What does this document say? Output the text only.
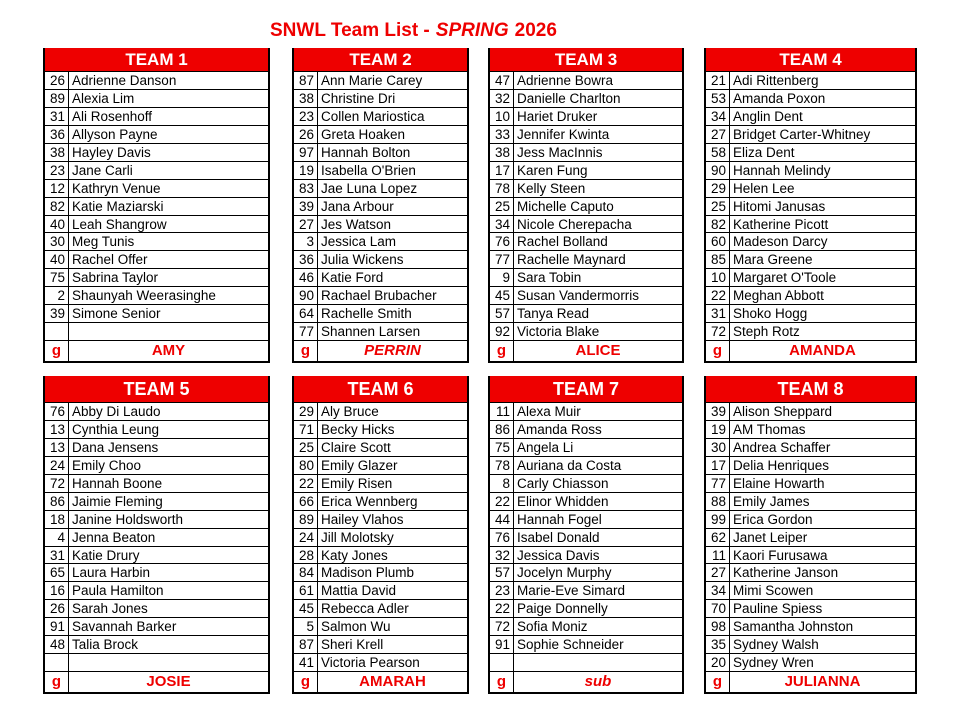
SNWL Team List - SPRING 2026
TEAM 1
26 Adrienne Danson
89 Alexia Lim
31 Ali Rosenhoff
36 Allyson Payne
38 Hayley Davis
23 Jane Carli
12 Kathryn Venue
82 Katie Maziarski
40 Leah Shangrow
30 Meg Tunis
40 Rachel Offer
75 Sabrina Taylor
2 Shaunyah Weerasinghe
39 Simone Senior
g	AMY
TEAM 2
87 Ann Marie Carey
38 Christine Dri
23 Collen Mariostica
26 Greta Hoaken
97 Hannah Bolton
19 Isabella O'Brien
83 Jae Luna Lopez
39 Jana Arbour
27 Jes Watson
3 Jessica Lam
36 Julia Wickens
46 Katie Ford
90 Rachael Brubacher
64 Rachelle Smith
77 Shannen Larsen
g	PERRIN
TEAM 3
47 Adrienne Bowra
32 Danielle Charlton
10 Hariet Druker
33 Jennifer Kwinta
38 Jess MacInnis
17 Karen Fung
78 Kelly Steen
25 Michelle Caputo
34 Nicole Cherepacha
76 Rachel Bolland
77 Rachelle Maynard
9 Sara Tobin
45 Susan Vandermorris
57 Tanya Read
92 Victoria Blake
g	ALICE
TEAM 4
21 Adi Rittenberg
53 Amanda Poxon
34 Anglin Dent
27 Bridget Carter-Whitney
58 Eliza Dent
90 Hannah Melindy
29 Helen Lee
25 Hitomi Janusas
82 Katherine Picott
60 Madeson Darcy
85 Mara Greene
10 Margaret O'Toole
22 Meghan Abbott
31 Shoko Hogg
72 Steph Rotz
g	AMANDA
TEAM 5
76 Abby Di Laudo
13 Cynthia Leung
13 Dana Jensens
24 Emily Choo
72 Hannah Boone
86 Jaimie Fleming
18 Janine Holdsworth
4 Jenna Beaton
31 Katie Drury
65 Laura Harbin
16 Paula Hamilton
26 Sarah Jones
91 Savannah Barker
48 Talia Brock
g	JOSIE
TEAM 6
29 Aly Bruce
71 Becky Hicks
25 Claire Scott
80 Emily Glazer
22 Emily Risen
66 Erica Wennberg
89 Hailey Vlahos
24 Jill Molotsky
28 Katy Jones
84 Madison Plumb
61 Mattia David
45 Rebecca Adler
5 Salmon Wu
87 Sheri Krell
41 Victoria Pearson
g	AMARAH
TEAM 7
11 Alexa Muir
86 Amanda Ross
75 Angela Li
78 Auriana da Costa
8 Carly Chiasson
22 Elinor Whidden
44 Hannah Fogel
76 Isabel Donald
32 Jessica Davis
57 Jocelyn Murphy
23 Marie-Eve Simard
22 Paige Donnelly
72 Sofia Moniz
91 Sophie Schneider
g	sub
TEAM 8
39 Alison Sheppard
19 AM Thomas
30 Andrea Schaffer
17 Delia Henriques
77 Elaine Howarth
88 Emily James
99 Erica Gordon
62 Janet Leiper
11 Kaori Furusawa
27 Katherine Janson
34 Mimi Scowen
70 Pauline Spiess
98 Samantha Johnston
35 Sydney Walsh
20 Sydney Wren
g	JULIANNA
